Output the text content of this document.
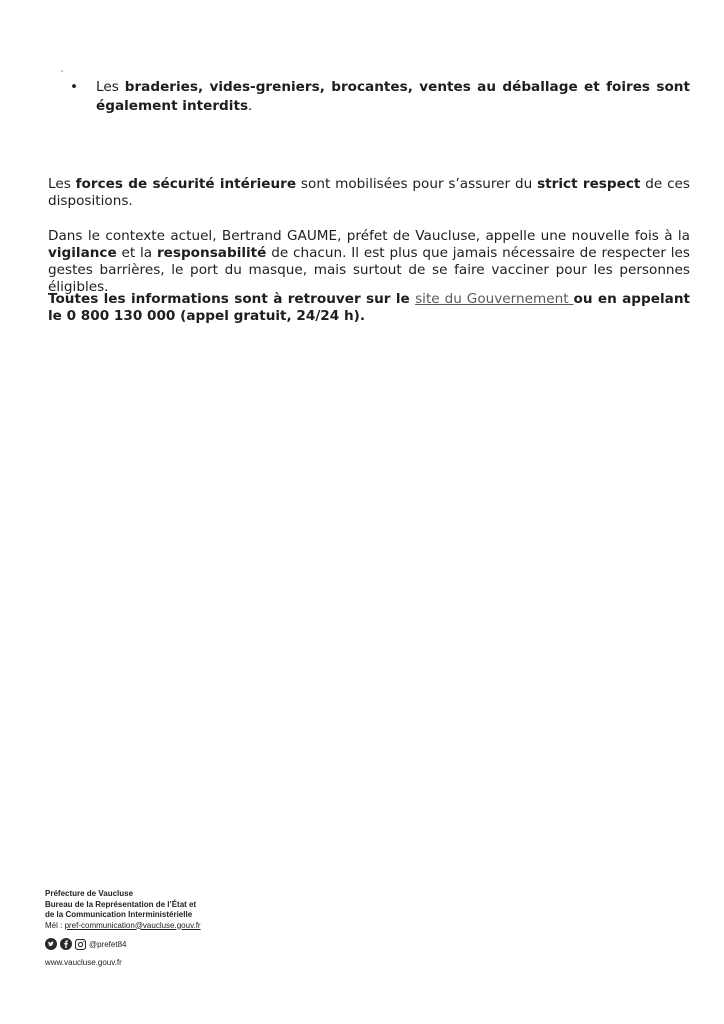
• Les braderies, vides-greniers, brocantes, ventes au déballage et foires sont également interdits.
Les forces de sécurité intérieure sont mobilisées pour s’assurer du strict respect de ces dispositions.
Dans le contexte actuel, Bertrand GAUME, préfet de Vaucluse, appelle une nouvelle fois à la vigilance et la responsabilité de chacun. Il est plus que jamais nécessaire de respecter les gestes barrières, le port du masque, mais surtout de se faire vacciner pour les personnes éligibles.
Toutes les informations sont à retrouver sur le site du Gouvernement ou en appelant le 0 800 130 000 (appel gratuit, 24/24 h).
Préfecture de Vaucluse
Bureau de la Représentation de l’État et
de la Communication Interministérielle
Mél : pref-communication@vaucluse.gouv.fr
@prefet84
www.vaucluse.gouv.fr
